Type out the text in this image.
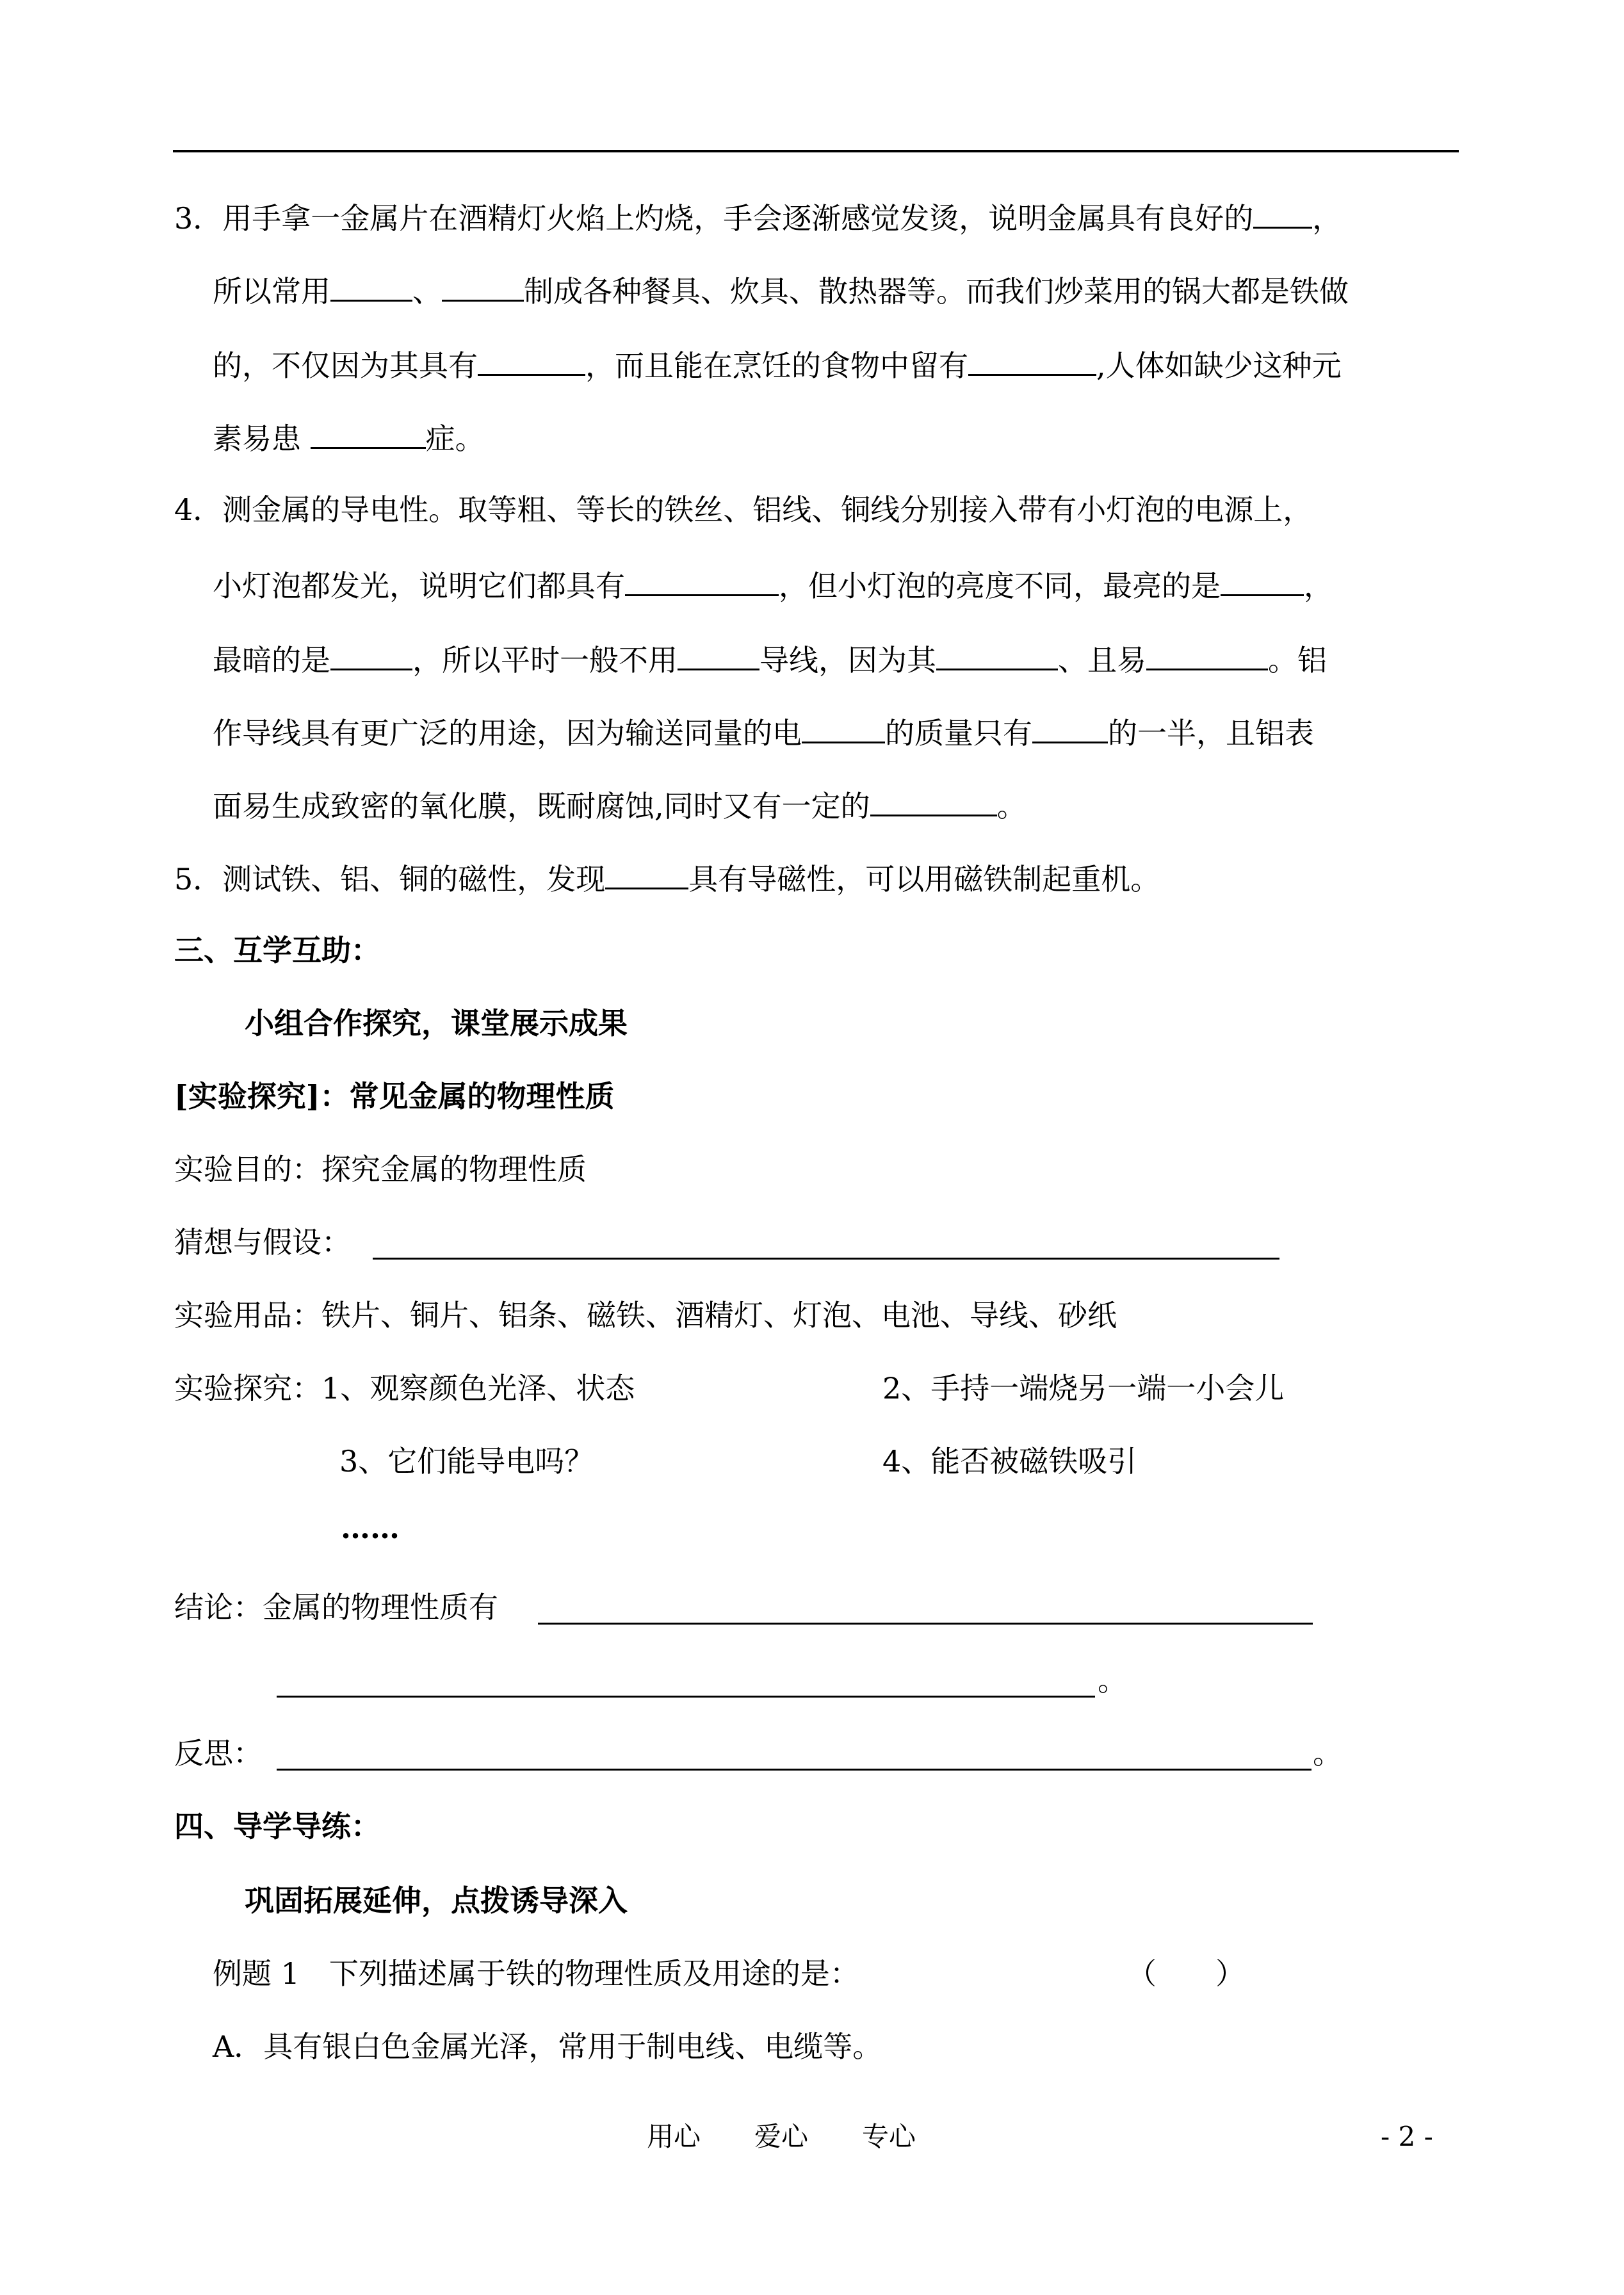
3．用手拿一金属片在酒精灯火焰上灼烧，手会逐渐感觉发烫，说明金属具有良好的 ，
所以常用	、	制成各种餐具、炊具、散热器等。而我们炒菜用的锅大都是铁做
的，不仅因为其具有	，而且能在烹饪的食物中留有	,人体如缺少这种元
素易患	症。
4．测金属的导电性。取等粗、等长的铁丝、铝线、铜线分别接入带有小灯泡的电源上，
小灯泡都发光，说明它们都具有	，但小灯泡的亮度不同，最亮的是	，
最暗的是	，所以平时一般不用	导线，因为其	、且易	。铝
作导线具有更广泛的用途，因为输送同量的电	的质量只有	的一半，且铝表
面易生成致密的氧化膜，既耐腐蚀,同时又有一定的	。
5．测试铁、铝、铜的磁性，发现	具有导磁性，可以用磁铁制起重机。
三、互学互助：
小组合作探究，课堂展示成果
[实验探究]：常见金属的物理性质
实验目的：探究金属的物理性质
猜想与假设：
实验用品：铁片、铜片、铝条、磁铁、酒精灯、灯泡、电池、导线、砂纸
实验探究： 1、观察颜色光泽、状态	2、手持一端烧另一端一小会儿
3、它们能导电吗？	4、能否被磁铁吸引
……
结论：金属的物理性质有
。
反思：	。
四、导学导练：
巩固拓展延伸，点拨诱导深入
例题 1　下列描述属于铁的物理性质及用途的是：	（　　）
A．具有银白色金属光泽，常用于制电线、电缆等。
用心　　爱心　　专心	- 2 -
